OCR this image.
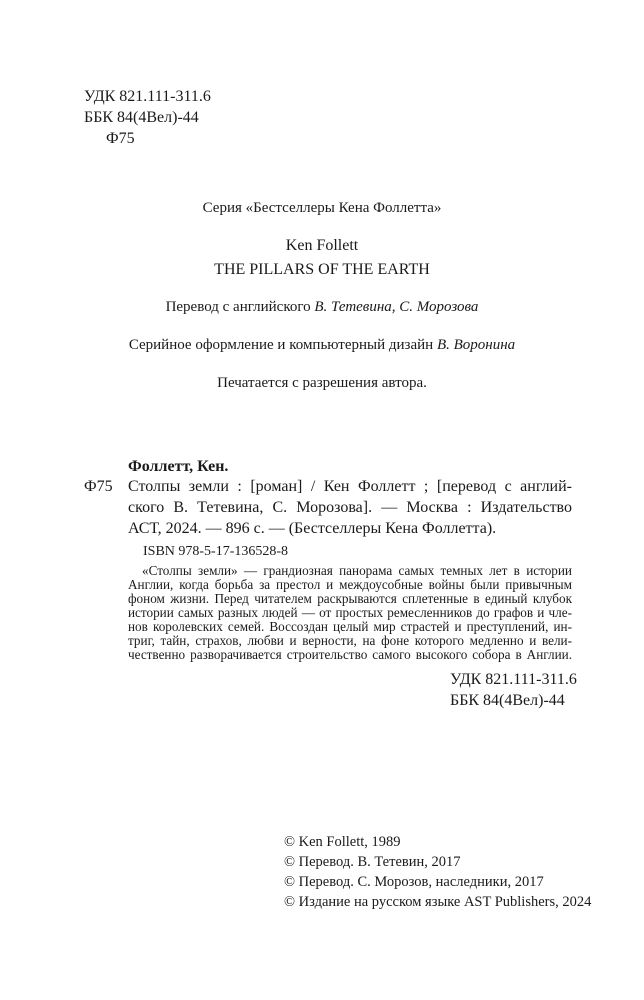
УДК 821.111-311.6
ББК 84(4Вел)-44
Ф75
Серия «Бестселлеры Кена Фоллетта»
Ken Follett
THE PILLARS OF THE EARTH
Перевод с английского В. Тетевина, С. Морозова
Серийное оформление и компьютерный дизайн В. Воронина
Печатается с разрешения автора.
Фоллетт, Кен.
Ф75 Столпы земли : [роман] / Кен Фоллетт ; [перевод с англий-
ского В. Тетевина, С. Морозова]. — Москва : Издательство
АСТ, 2024. — 896 с. — (Бестселлеры Кена Фоллетта).
ISBN 978-5-17-136528-8
«Столпы земли» — грандиозная панорама самых темных лет в истории
Англии, когда борьба за престол и междоусобные войны были привычным
фоном жизни. Перед читателем раскрываются сплетенные в единый клубок
истории самых разных людей — от простых ремесленников до графов и чле-
нов королевских семей. Воссоздан целый мир страстей и преступлений, ин-
триг, тайн, страхов, любви и верности, на фоне которого медленно и вели-
чественно разворачивается строительство самого высокого собора в Англии.
УДК 821.111-311.6
ББК 84(4Вел)-44
© Ken Follett, 1989
© Перевод. В. Тетевин, 2017
© Перевод. С. Морозов, наследники, 2017
© Издание на русском языке AST Publishers, 2024
